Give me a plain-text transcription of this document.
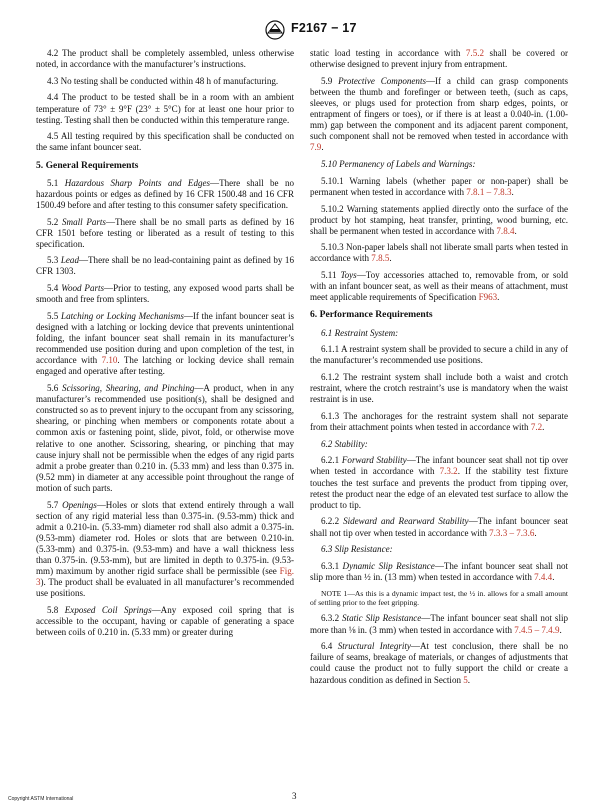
F2167 − 17

4.2 The product shall be completely assembled, unless otherwise noted, in accordance with the manufacturer’s instructions.

4.3 No testing shall be conducted within 48 h of manufacturing.

4.4 The product to be tested shall be in a room with an ambient temperature of 73° ± 9°F (23° ± 5°C) for at least one hour prior to testing. Testing shall then be conducted within this temperature range.

4.5 All testing required by this specification shall be conducted on the same infant bouncer seat.

5. General Requirements

5.1 Hazardous Sharp Points and Edges—There shall be no hazardous points or edges as defined by 16 CFR 1500.48 and 16 CFR 1500.49 before and after testing to this consumer safety specification.

5.2 Small Parts—There shall be no small parts as defined by 16 CFR 1501 before testing or liberated as a result of testing to this specification.

5.3 Lead—There shall be no lead-containing paint as defined by 16 CFR 1303.

5.4 Wood Parts—Prior to testing, any exposed wood parts shall be smooth and free from splinters.

5.5 Latching or Locking Mechanisms—If the infant bouncer seat is designed with a latching or locking device that prevents unintentional folding, the infant bouncer seat shall remain in its manufacturer’s recommended use position during and upon completion of the test, in accordance with 7.10. The latching or locking device shall remain engaged and operative after testing.

5.6 Scissoring, Shearing, and Pinching—A product, when in any manufacturer’s recommended use position(s), shall be designed and constructed so as to prevent injury to the occupant from any scissoring, shearing, or pinching when members or components rotate about a common axis or fastening point, slide, pivot, fold, or otherwise move relative to one another. Scissoring, shearing, or pinching that may cause injury shall not be permissible when the edges of any rigid parts admit a probe greater than 0.210 in. (5.33 mm) and less than 0.375 in. (9.52 mm) in diameter at any accessible point throughout the range of motion of such parts.

5.7 Openings—Holes or slots that extend entirely through a wall section of any rigid material less than 0.375-in. (9.53-mm) thick and admit a 0.210-in. (5.33-mm) diameter rod shall also admit a 0.375-in. (9.53-mm) diameter rod. Holes or slots that are between 0.210-in. (5.33-mm) and 0.375-in. (9.53-mm) and have a wall thickness less than 0.375-in. (9.53-mm), but are limited in depth to 0.375-in. (9.53-mm) maximum by another rigid surface shall be permissible (see Fig. 3). The product shall be evaluated in all manufacturer’s recommended use positions.

5.8 Exposed Coil Springs—Any exposed coil spring that is accessible to the occupant, having or capable of generating a space between coils of 0.210 in. (5.33 mm) or greater during

static load testing in accordance with 7.5.2 shall be covered or otherwise designed to prevent injury from entrapment.

5.9 Protective Components—If a child can grasp components between the thumb and forefinger or between teeth, (such as caps, sleeves, or plugs used for protection from sharp edges, points, or entrapment of fingers or toes), or if there is at least a 0.040-in. (1.00-mm) gap between the component and its adjacent parent component, such component shall not be removed when tested in accordance with 7.9.

5.10 Permanency of Labels and Warnings:

5.10.1 Warning labels (whether paper or non-paper) shall be permanent when tested in accordance with 7.8.1 – 7.8.3.

5.10.2 Warning statements applied directly onto the surface of the product by hot stamping, heat transfer, printing, wood burning, etc. shall be permanent when tested in accordance with 7.8.4.

5.10.3 Non-paper labels shall not liberate small parts when tested in accordance with 7.8.5.

5.11 Toys—Toy accessories attached to, removable from, or sold with an infant bouncer seat, as well as their means of attachment, must meet applicable requirements of Specification F963.

6. Performance Requirements

6.1 Restraint System:

6.1.1 A restraint system shall be provided to secure a child in any of the manufacturer’s recommended use positions.

6.1.2 The restraint system shall include both a waist and crotch restraint, where the crotch restraint’s use is mandatory when the waist restraint is in use.

6.1.3 The anchorages for the restraint system shall not separate from their attachment points when tested in accordance with 7.2.

6.2 Stability:

6.2.1 Forward Stability—The infant bouncer seat shall not tip over when tested in accordance with 7.3.2. If the stability test fixture touches the test surface and prevents the product from tipping over, retest the product near the edge of an elevated test surface to allow the product to tip.

6.2.2 Sideward and Rearward Stability—The infant bouncer seat shall not tip over when tested in accordance with 7.3.3 – 7.3.6.

6.3 Slip Resistance:

6.3.1 Dynamic Slip Resistance—The infant bouncer seat shall not slip more than ½ in. (13 mm) when tested in accordance with 7.4.4.

NOTE 1—As this is a dynamic impact test, the ½ in. allows for a small amount of settling prior to the feet gripping.

6.3.2 Static Slip Resistance—The infant bouncer seat shall not slip more than ⅛ in. (3 mm) when tested in accordance with 7.4.5 – 7.4.9.

6.4 Structural Integrity—At test conclusion, there shall be no failure of seams, breakage of materials, or changes of adjustments that could cause the product not to fully support the child or create a hazardous condition as defined in Section 5.

Copyright ASTM International	3
